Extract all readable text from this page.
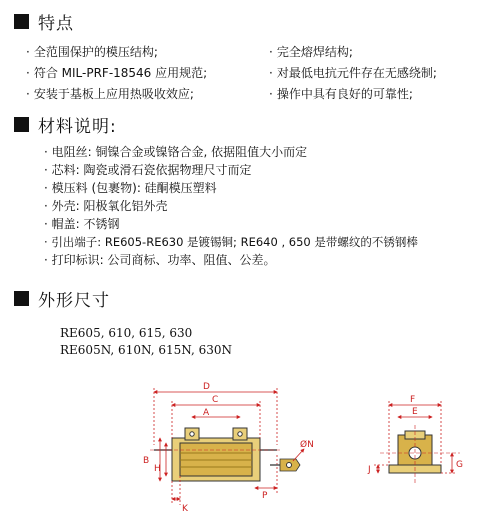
特点
· 全范围保护的模压结构;
· 符合 MIL-PRF-18546 应用规范;
· 安装于基板上应用热吸收效应;
· 完全熔焊结构;
· 对最低电抗元件存在无感绕制;
· 操作中具有良好的可靠性;
材料说明:
· 电阻丝: 铜镍合金或镍铬合金, 依据阻值大小而定
· 芯料: 陶瓷或滑石瓷依据物理尺寸而定
· 模压料 (包裹物): 硅酮模压塑料
· 外壳: 阳极氧化铝外壳
· 帽盖: 不锈钢
· 引出端子: RE605-RE630 是镀锡铜; RE640 , 650 是带螺纹的不锈钢棒
· 打印标识: 公司商标、功率、阻值、公差。
外形尺寸
RE605, 610, 615, 630
RE605N, 610N, 615N, 630N
D
C
A
B
H
K
P
ØN
F
E
G
J
